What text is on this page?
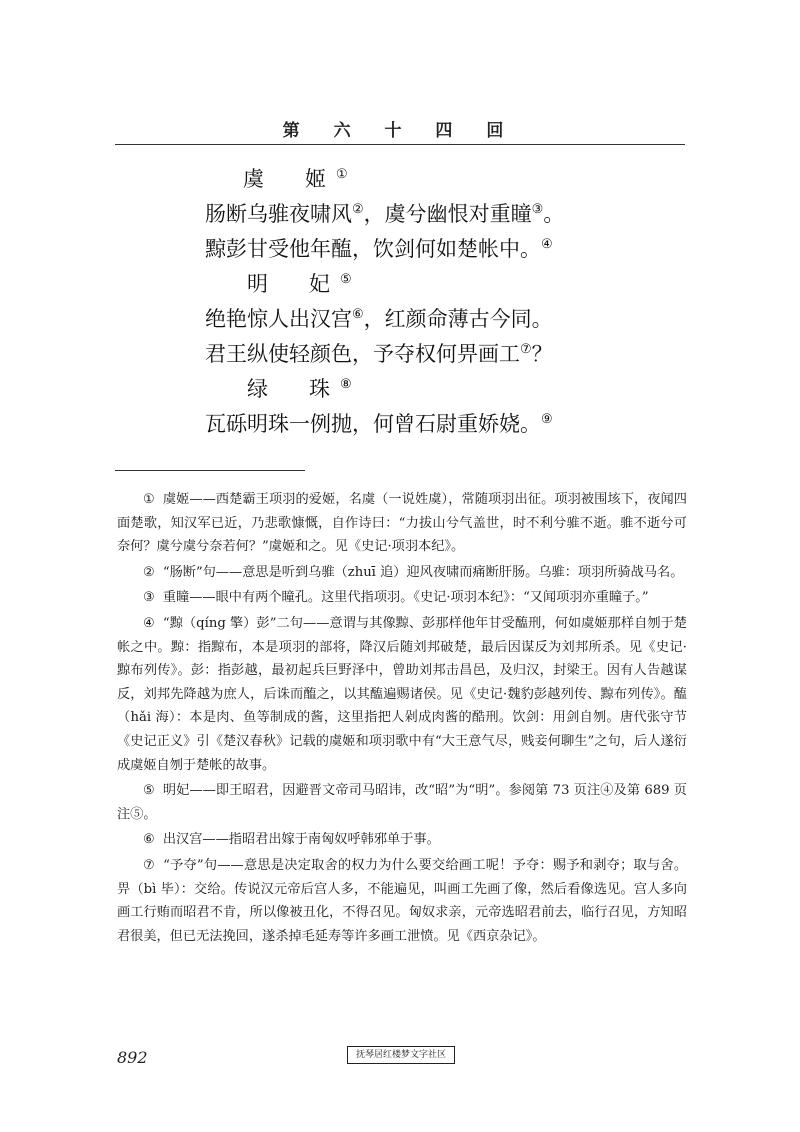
第 六 十 四 回
虞　姬①
肠断乌骓夜啸风②，虞兮幽恨对重瞳③。
黥彭甘受他年醢，饮剑何如楚帐中。④
明　妃⑤
绝艳惊人出汉宫⑥，红颜命薄古今同。
君王纵使轻颜色，予夺权何畀画工⑦？
绿　珠⑧
瓦砾明珠一例抛，何曾石尉重娇娆。⑨

① 虞姬——西楚霸王项羽的爱姬，名虞（一说姓虞），常随项羽出征。项羽被围垓下，夜闻四面楚歌，知汉军已近，乃悲歌慷慨，自作诗曰：“力拔山兮气盖世，时不利兮骓不逝。骓不逝兮可奈何？虞兮虞兮奈若何？”虞姬和之。见《史记·项羽本纪》。

② “肠断”句——意思是听到乌骓（zhuī 追）迎风夜啸而痛断肝肠。乌骓：项羽所骑战马名。

③ 重瞳——眼中有两个瞳孔。这里代指项羽。《史记·项羽本纪》：“又闻项羽亦重瞳子。”

④ “黥（qíng 擎）彭”二句——意谓与其像黥、彭那样他年甘受醢刑，何如虞姬那样自刎于楚帐之中。黥：指黥布，本是项羽的部将，降汉后随刘邦破楚，最后因谋反为刘邦所杀。见《史记·黥布列传》。彭：指彭越，最初起兵巨野泽中，曾助刘邦击昌邑，及归汉，封梁王。因有人告越谋反，刘邦先降越为庶人，后诛而醢之，以其醢遍赐诸侯。见《史记·魏豹彭越列传、黥布列传》。醢（hǎi 海）：本是肉、鱼等制成的酱，这里指把人剁成肉酱的酷刑。饮剑：用剑自刎。唐代张守节《史记正义》引《楚汉春秋》记载的虞姬和项羽歌中有“大王意气尽，贱妾何聊生”之句，后人遂衍成虞姬自刎于楚帐的故事。

⑤ 明妃——即王昭君，因避晋文帝司马昭讳，改“昭”为“明”。参阅第 73 页注④及第 689 页注⑤。

⑥ 出汉宫——指昭君出嫁于南匈奴呼韩邪单于事。

⑦ “予夺”句——意思是决定取舍的权力为什么要交给画工呢！予夺：赐予和剥夺；取与舍。畀（bì 毕）：交给。传说汉元帝后宫人多，不能遍见，叫画工先画了像，然后看像选见。宫人多向画工行贿而昭君不肯，所以像被丑化，不得召见。匈奴求亲，元帝选昭君前去，临行召见，方知昭君很美，但已无法挽回，遂杀掉毛延寿等许多画工泄愤。见《西京杂记》。

892	抚琴居红楼梦文字社区
